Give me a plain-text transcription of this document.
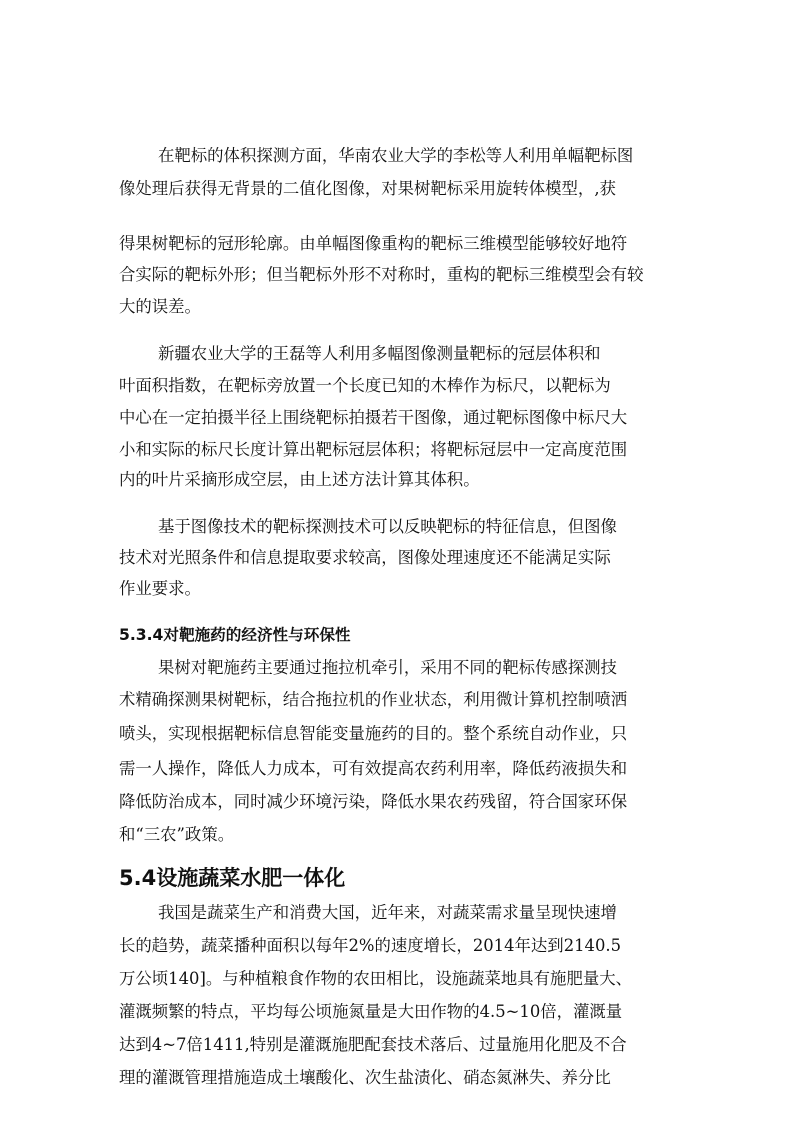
在靶标的体积探测方面，华南农业大学的李松等人利用单幅靶标图
像处理后获得无背景的二值化图像，对果树靶标采用旋转体模型，,获
得果树靶标的冠形轮廓。由单幅图像重构的靶标三维模型能够较好地符
合实际的靶标外形；但当靶标外形不对称时，重构的靶标三维模型会有较
大的误差。
新疆农业大学的王磊等人利用多幅图像测量靶标的冠层体积和
叶面积指数，在靶标旁放置一个长度已知的木棒作为标尺，以靶标为
中心在一定拍摄半径上围绕靶标拍摄若干图像，通过靶标图像中标尺大
小和实际的标尺长度计算出靶标冠层体积；将靶标冠层中一定高度范围
内的叶片采摘形成空层，由上述方法计算其体积。
基于图像技术的靶标探测技术可以反映靶标的特征信息，但图像
技术对光照条件和信息提取要求较高，图像处理速度还不能满足实际
作业要求。
5.3.4对靶施药的经济性与环保性
果树对靶施药主要通过拖拉机牵引，采用不同的靶标传感探测技
术精确探测果树靶标，结合拖拉机的作业状态，利用微计算机控制喷洒
喷头，实现根据靶标信息智能变量施药的目的。整个系统自动作业，只
需一人操作，降低人力成本，可有效提高农药利用率，降低药液损失和
降低防治成本，同时减少环境污染，降低水果农药残留，符合国家环保
和“三农”政策。
5.4设施蔬菜水肥一体化
我国是蔬菜生产和消费大国，近年来，对蔬菜需求量呈现快速增
长的趋势，蔬菜播种面积以每年2%的速度增长，2014年达到2140.5
万公顷140]。与种植粮食作物的农田相比，设施蔬菜地具有施肥量大、
灌溉频繁的特点，平均每公顷施氮量是大田作物的4.5~10倍，灌溉量
达到4~7倍1411,特别是灌溉施肥配套技术落后、过量施用化肥及不合
理的灌溉管理措施造成土壤酸化、次生盐渍化、硝态氮淋失、养分比
